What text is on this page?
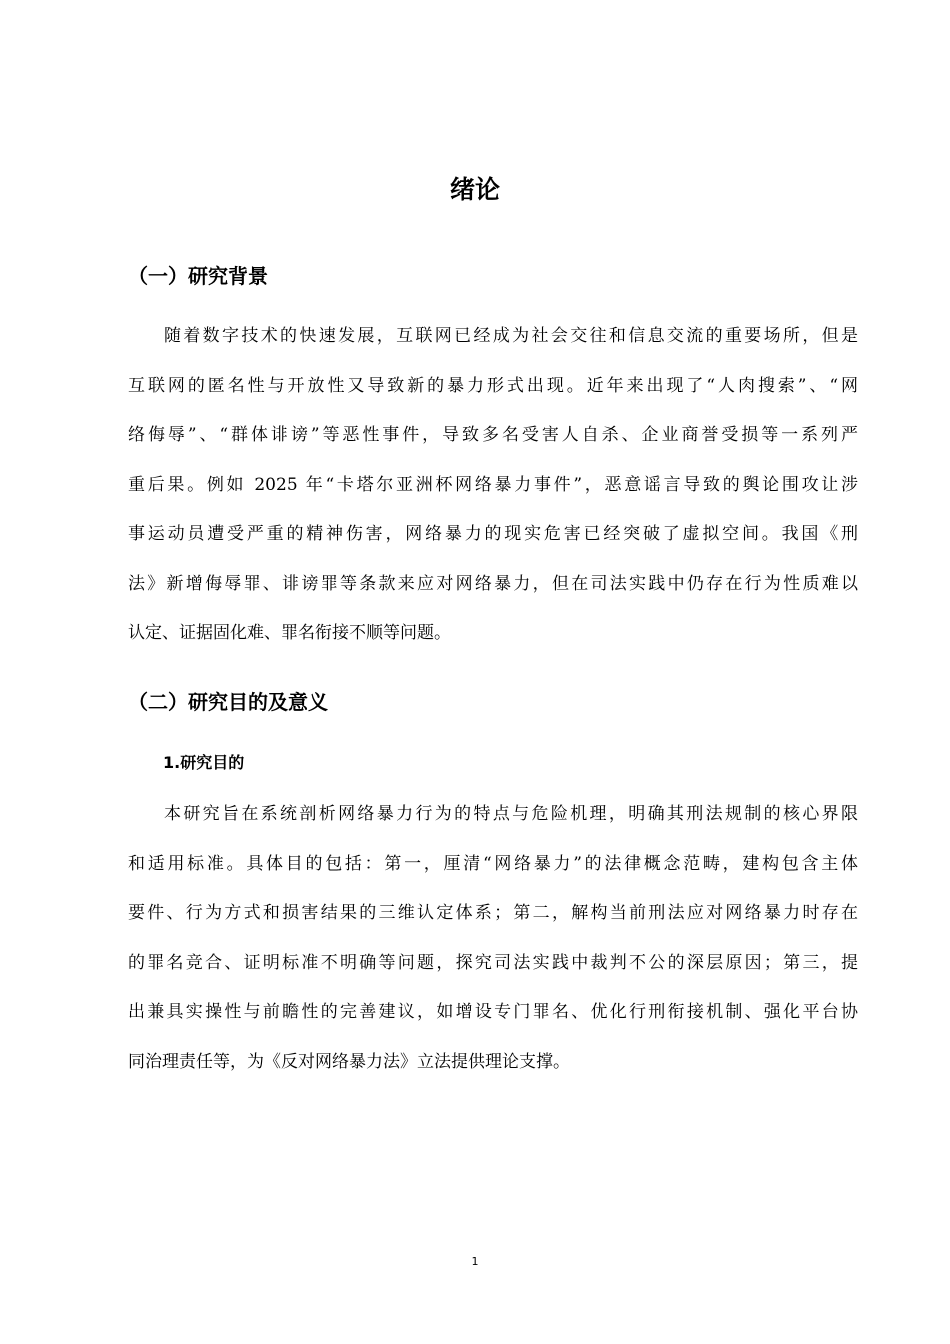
绪论
（一）研究背景
随着数字技术的快速发展，互联网已经成为社会交往和信息交流的重要场所，但是
互联网的匿名性与开放性又导致新的暴力形式出现。近年来出现了“人肉搜索”、“网
络侮辱”、“群体诽谤”等恶性事件，导致多名受害人自杀、企业商誉受损等一系列严
重后果。例如 2025 年“卡塔尔亚洲杯网络暴力事件”，恶意谣言导致的舆论围攻让涉
事运动员遭受严重的精神伤害，网络暴力的现实危害已经突破了虚拟空间。我国《刑
法》新增侮辱罪、诽谤罪等条款来应对网络暴力，但在司法实践中仍存在行为性质难以
认定、证据固化难、罪名衔接不顺等问题。
（二）研究目的及意义
1.研究目的
本研究旨在系统剖析网络暴力行为的特点与危险机理，明确其刑法规制的核心界限
和适用标准。具体目的包括：第一，厘清“网络暴力”的法律概念范畴，建构包含主体
要件、行为方式和损害结果的三维认定体系；第二，解构当前刑法应对网络暴力时存在
的罪名竞合、证明标准不明确等问题，探究司法实践中裁判不公的深层原因；第三，提
出兼具实操性与前瞻性的完善建议，如增设专门罪名、优化行刑衔接机制、强化平台协
同治理责任等，为《反对网络暴力法》立法提供理论支撑。
1
